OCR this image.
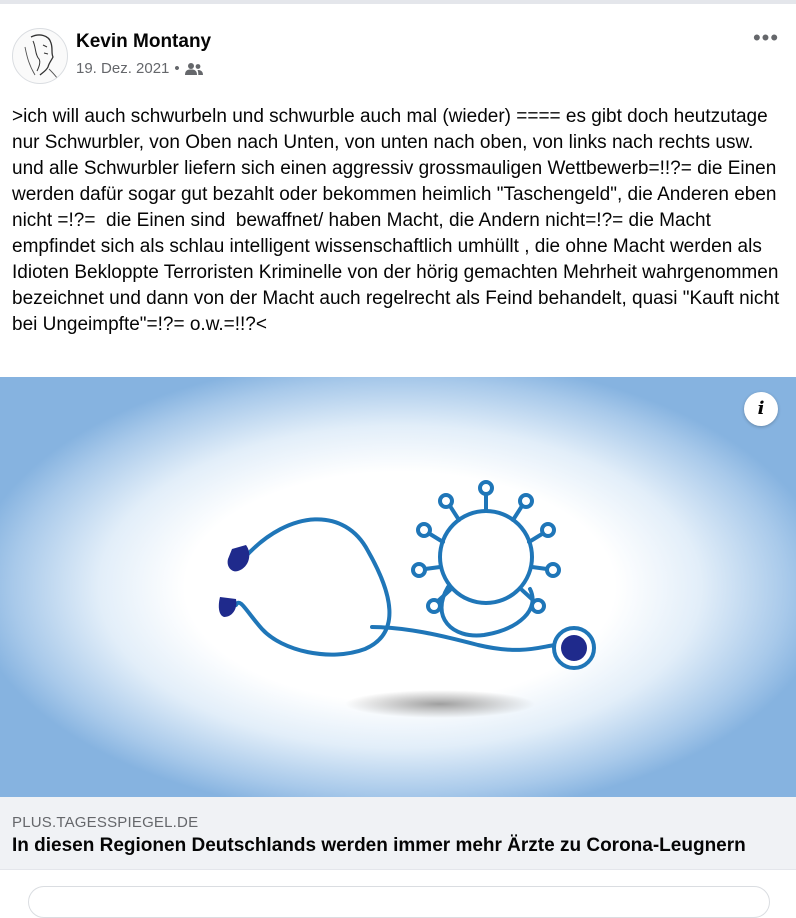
Kevin Montany
19. Dez. 2021 •
•••

>ich will auch schwurbeln und schwurble auch mal (wieder) ==== es gibt doch heutzutage  nur Schwurbler, von Oben nach Unten, von unten nach oben, von links nach rechts usw. und alle Schwurbler liefern sich einen aggressiv grossmauligen Wettbewerb=!!?= die Einen werden dafür sogar gut bezahlt oder bekommen heimlich "Taschengeld", die Anderen eben  nicht =!?=  die Einen sind  bewaffnet/ haben Macht, die Andern nicht=!?= die Macht empfindet sich als schlau intelligent wissenschaftlich umhüllt , die ohne Macht werden als Idioten Bekloppte Terroristen Kriminelle von der hörig gemachten Mehrheit wahrgenommen bezeichnet und dann von der Macht auch regelrecht als Feind behandelt, quasi "Kauft nicht bei Ungeimpfte"=!?= o.w.=!!?<

i
PLUS.TAGESSPIEGEL.DE
In diesen Regionen Deutschlands werden immer mehr Ärzte zu Corona-Leugnern
